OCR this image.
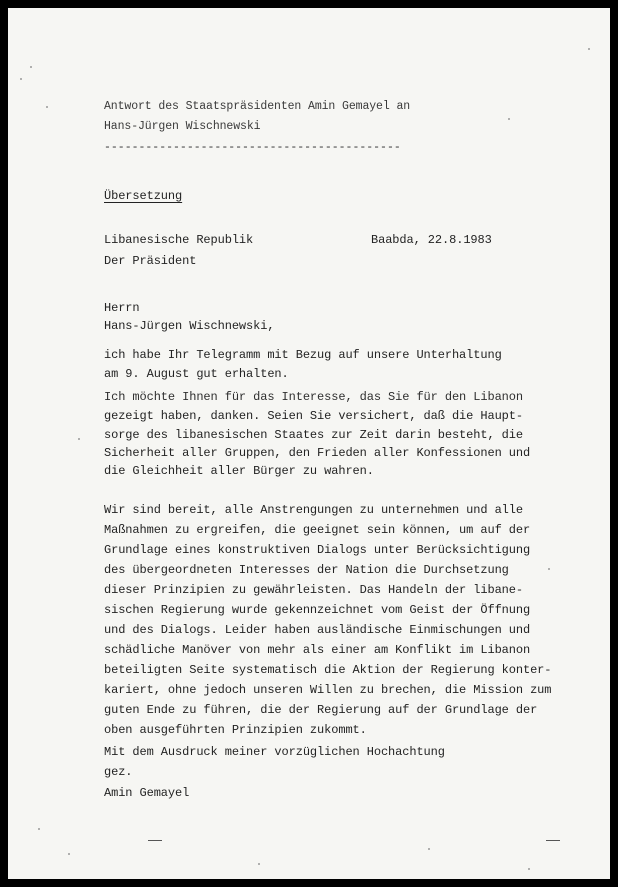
Antwort des Staatspräsidenten Amin Gemayel an
Hans-Jürgen Wischnewski
-------------------------------------------
Übersetzung
Libanesische Republik
Der Präsident
Baabda, 22.8.1983
Herrn
Hans-Jürgen Wischnewski,
ich habe Ihr Telegramm mit Bezug auf unsere Unterhaltung
am 9. August gut erhalten.
Ich möchte Ihnen für das Interesse, das Sie für den Libanon
gezeigt haben, danken. Seien Sie versichert, daß die Haupt-
sorge des libanesischen Staates zur Zeit darin besteht, die
Sicherheit aller Gruppen, den Frieden aller Konfessionen und
die Gleichheit aller Bürger zu wahren.
Wir sind bereit, alle Anstrengungen zu unternehmen und alle
Maßnahmen zu ergreifen, die geeignet sein können, um auf der
Grundlage eines konstruktiven Dialogs unter Berücksichtigung
des übergeordneten Interesses der Nation die Durchsetzung
dieser Prinzipien zu gewährleisten. Das Handeln der libane-
sischen Regierung wurde gekennzeichnet vom Geist der Öffnung
und des Dialogs. Leider haben ausländische Einmischungen und
schädliche Manöver von mehr als einer am Konflikt im Libanon
beteiligten Seite systematisch die Aktion der Regierung konter-
kariert, ohne jedoch unseren Willen zu brechen, die Mission zum
guten Ende zu führen, die der Regierung auf der Grundlage der
oben ausgeführten Prinzipien zukommt.
Mit dem Ausdruck meiner vorzüglichen Hochachtung
gez.
Amin Gemayel
